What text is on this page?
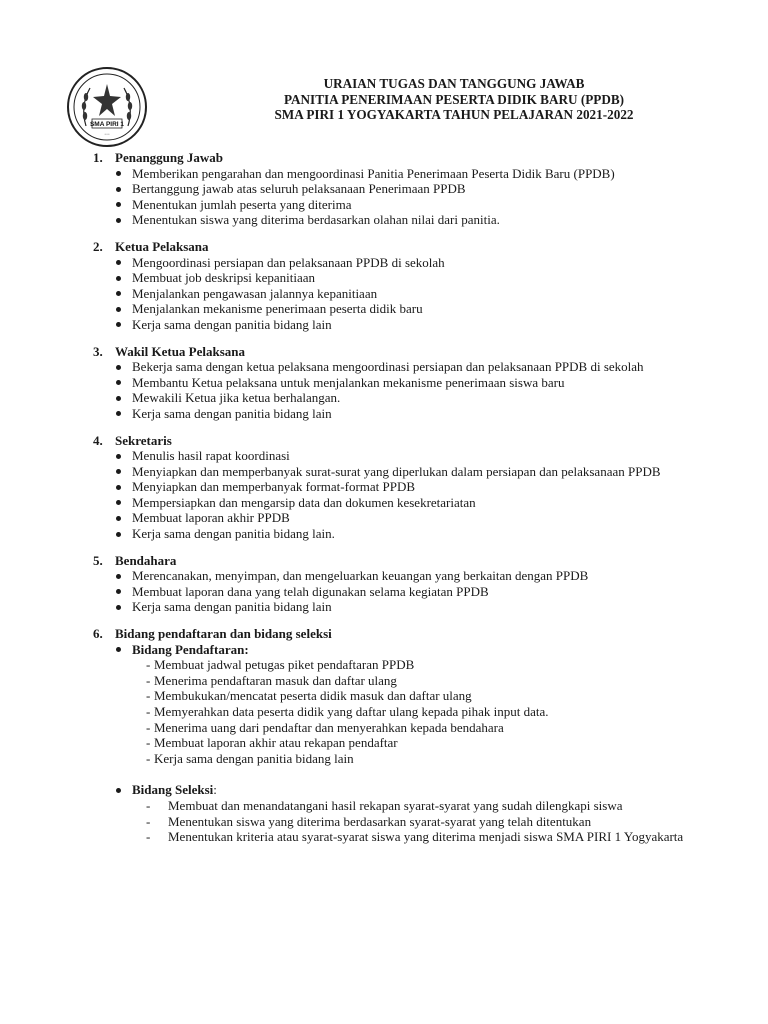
SMA PIRI 1
• • •
URAIAN TUGAS DAN TANGGUNG JAWAB
PANITIA PENERIMAAN PESERTA DIDIK BARU (PPDB)
SMA PIRI 1 YOGYAKARTA TAHUN PELAJARAN 2021-2022
1. Penanggung Jawab
Memberikan pengarahan dan mengoordinasi Panitia Penerimaan Peserta Didik Baru (PPDB)
Bertanggung jawab atas seluruh pelaksanaan Penerimaan PPDB
Menentukan jumlah peserta yang diterima
Menentukan siswa yang diterima berdasarkan olahan nilai dari panitia.
2. Ketua Pelaksana
Mengoordinasi persiapan dan pelaksanaan PPDB di sekolah
Membuat job deskripsi kepanitiaan
Menjalankan pengawasan jalannya kepanitiaan
Menjalankan mekanisme penerimaan peserta didik baru
Kerja sama dengan panitia bidang lain
3. Wakil Ketua Pelaksana
Bekerja sama dengan ketua pelaksana mengoordinasi persiapan dan pelaksanaan PPDB di sekolah
Membantu Ketua pelaksana untuk menjalankan mekanisme penerimaan siswa baru
Mewakili Ketua jika ketua berhalangan.
Kerja sama dengan panitia bidang lain
4. Sekretaris
Menulis hasil rapat koordinasi
Menyiapkan dan memperbanyak surat-surat yang diperlukan dalam persiapan dan pelaksanaan PPDB
Menyiapkan dan memperbanyak format-format PPDB
Mempersiapkan dan mengarsip data dan dokumen kesekretariatan
Membuat laporan akhir PPDB
Kerja sama dengan panitia bidang lain.
5. Bendahara
Merencanakan, menyimpan, dan mengeluarkan keuangan yang berkaitan dengan PPDB
Membuat laporan dana yang telah digunakan selama kegiatan PPDB
Kerja sama dengan panitia bidang lain
6. Bidang pendaftaran dan bidang seleksi
Bidang Pendaftaran:
- Membuat jadwal petugas piket pendaftaran PPDB
- Menerima pendaftaran masuk dan daftar ulang
- Membukukan/mencatat peserta didik masuk dan daftar ulang
- Memyerahkan data peserta didik yang daftar ulang kepada pihak input data.
- Menerima uang dari pendaftar dan menyerahkan kepada bendahara
- Membuat laporan akhir atau rekapan pendaftar
- Kerja sama dengan panitia bidang lain
Bidang Seleksi:
- Membuat dan menandatangani hasil rekapan syarat-syarat yang sudah dilengkapi siswa
- Menentukan siswa yang diterima berdasarkan syarat-syarat yang telah ditentukan
- Menentukan kriteria atau syarat-syarat siswa yang diterima menjadi siswa SMA PIRI 1 Yogyakarta
